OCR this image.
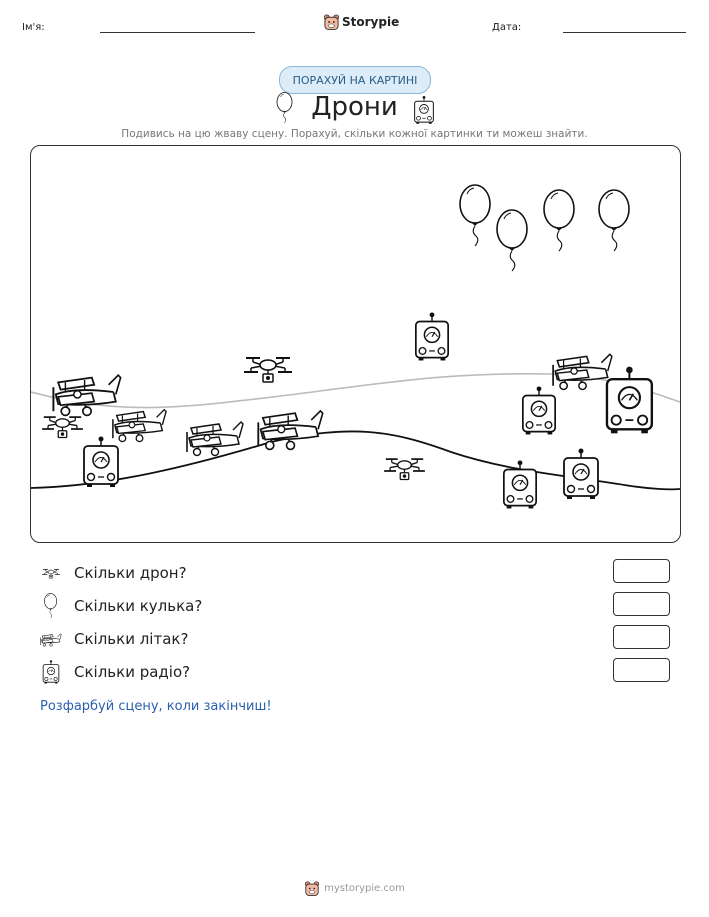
Ім'я:	Storypie	Дата:
ПОРАХУЙ НА КАРТИНІ
Дрони
Подивись на цю жваву сцену. Порахуй, скільки кожної картинки ти можеш знайти.
Скільки дрон?
Скільки кулька?
Скільки літак?
Скільки радіо?
Розфарбуй сцену, коли закінчиш!
mystorypie.com
